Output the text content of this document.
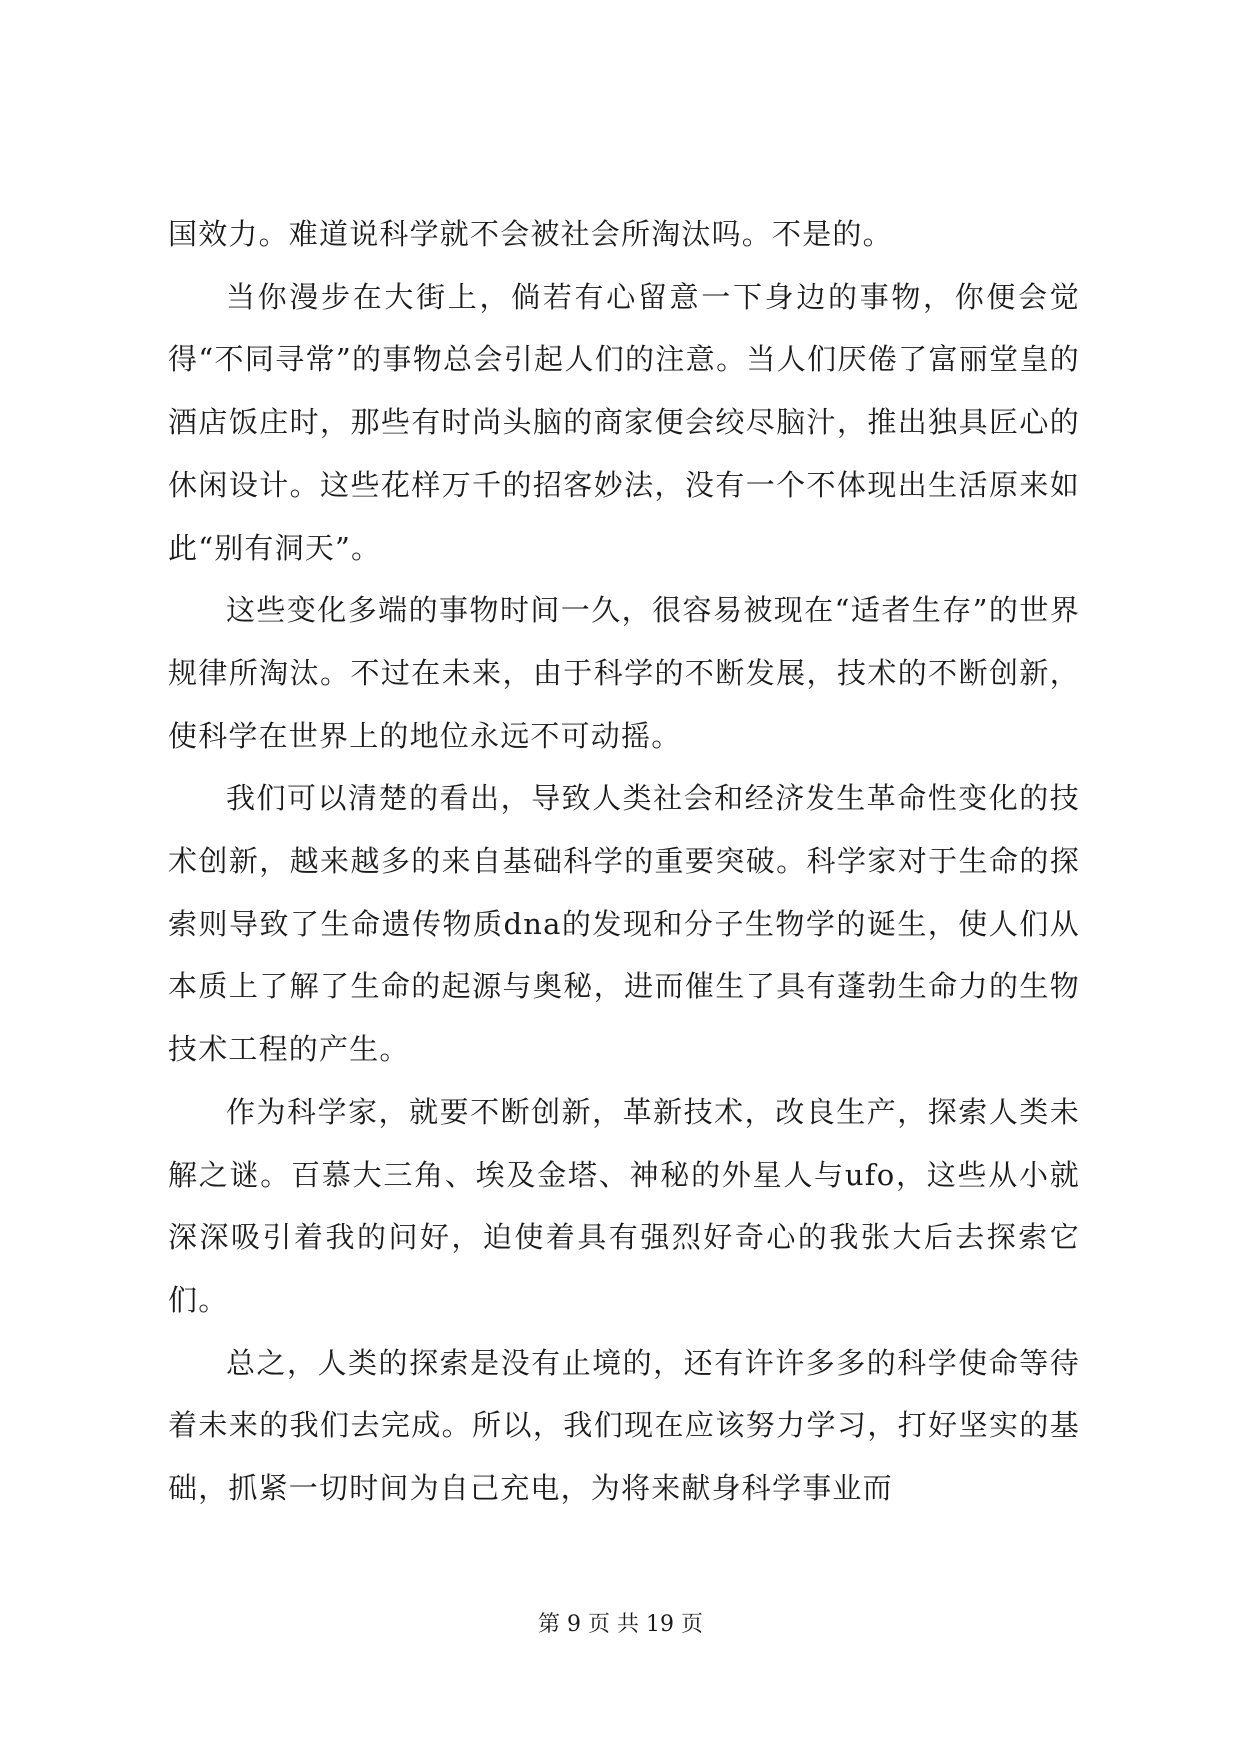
国效力。难道说科学就不会被社会所淘汰吗。不是的。

当你漫步在大街上，倘若有心留意一下身边的事物，你便会觉得“不同寻常”的事物总会引起人们的注意。当人们厌倦了富丽堂皇的酒店饭庄时，那些有时尚头脑的商家便会绞尽脑汁，推出独具匠心的休闲设计。这些花样万千的招客妙法，没有一个不体现出生活原来如此“别有洞天”。

这些变化多端的事物时间一久，很容易被现在“适者生存”的世界规律所淘汰。不过在未来，由于科学的不断发展，技术的不断创新，使科学在世界上的地位永远不可动摇。

我们可以清楚的看出，导致人类社会和经济发生革命性变化的技术创新，越来越多的来自基础科学的重要突破。科学家对于生命的探索则导致了生命遗传物质dna的发现和分子生物学的诞生，使人们从本质上了解了生命的起源与奥秘，进而催生了具有蓬勃生命力的生物技术工程的产生。

作为科学家，就要不断创新，革新技术，改良生产，探索人类未解之谜。百慕大三角、埃及金塔、神秘的外星人与ufo，这些从小就深深吸引着我的问好，迫使着具有强烈好奇心的我张大后去探索它们。

总之，人类的探索是没有止境的，还有许许多多的科学使命等待着未来的我们去完成。所以，我们现在应该努力学习，打好坚实的基础，抓紧一切时间为自己充电，为将来献身科学事业而

第 9 页 共 19 页
